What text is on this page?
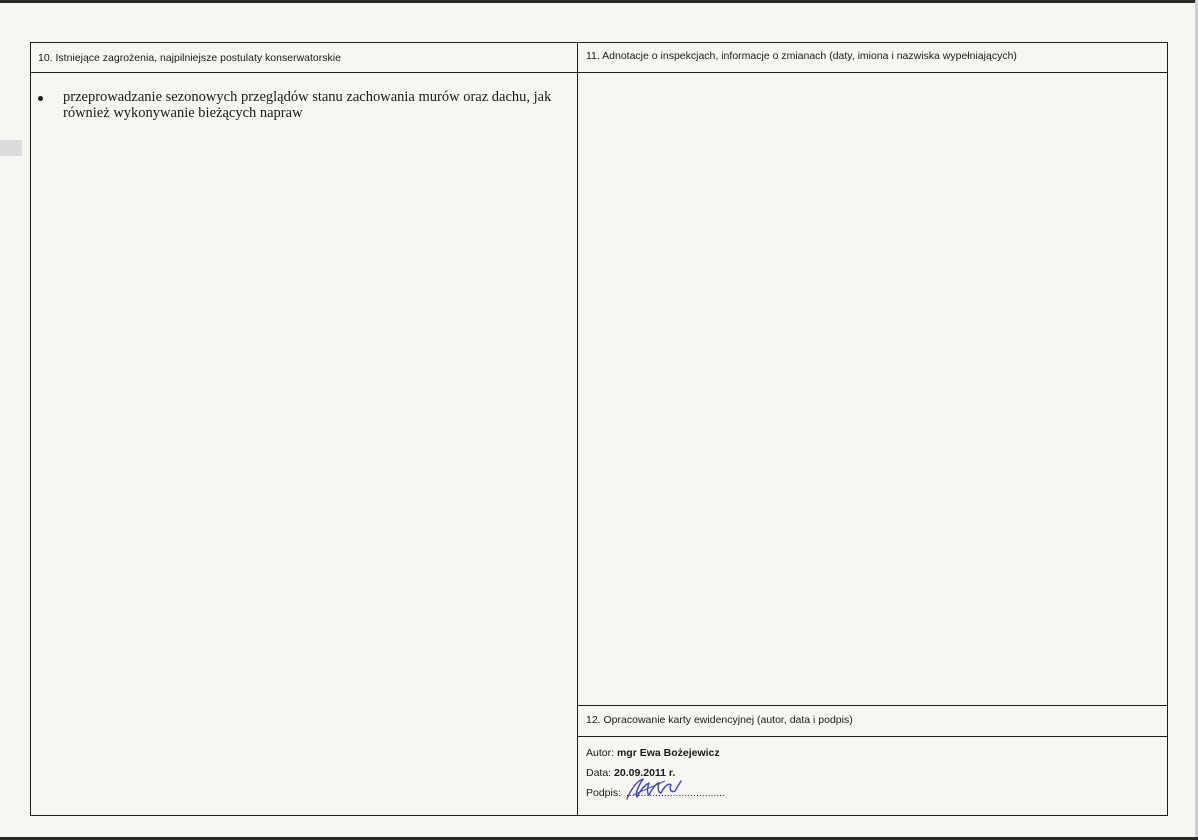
10. Istniejące zagrożenia, najpilniejsze postulaty konserwatorskie	11. Adnotacje o inspekcjach, informacje o zmianach (daty, imiona i nazwiska wypełniających)
12. Opracowanie karty ewidencyjnej (autor, data i podpis)
przeprowadzanie sezonowych przeglądów stanu zachowania murów oraz dachu, jak również wykonywanie bieżących napraw
Autor: mgr Ewa Bożejewicz
Data: 20.09.2011 r.
Podpis: ..................................
